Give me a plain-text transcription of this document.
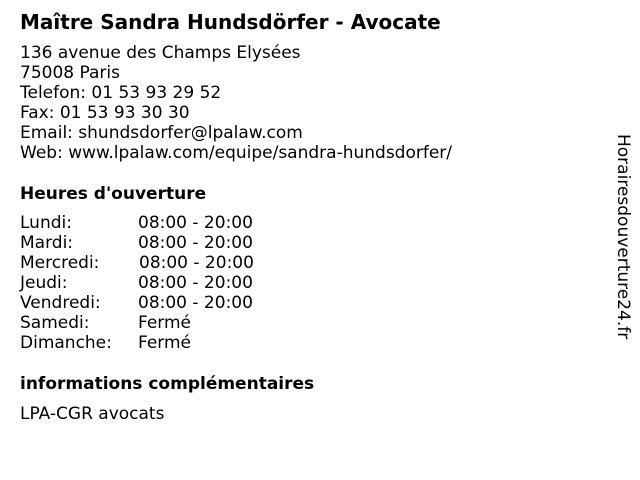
Maître Sandra Hundsdörfer - Avocate
136 avenue des Champs Elysées
75008 Paris
Telefon: 01 53 93 29 52
Fax: 01 53 93 30 30
Email: shundsdorfer@lpalaw.com
Web: www.lpalaw.com/equipe/sandra-hundsdorfer/
Heures d'ouverture
Lundi:	08:00 - 20:00
Mardi:	08:00 - 20:00
Mercredi: 08:00 - 20:00
Jeudi:	08:00 - 20:00
Vendredi: 08:00 - 20:00
Samedi:	Fermé
Dimanche: Fermé
informations complémentaires
LPA-CGR avocats
Horairesdouverture24.fr
